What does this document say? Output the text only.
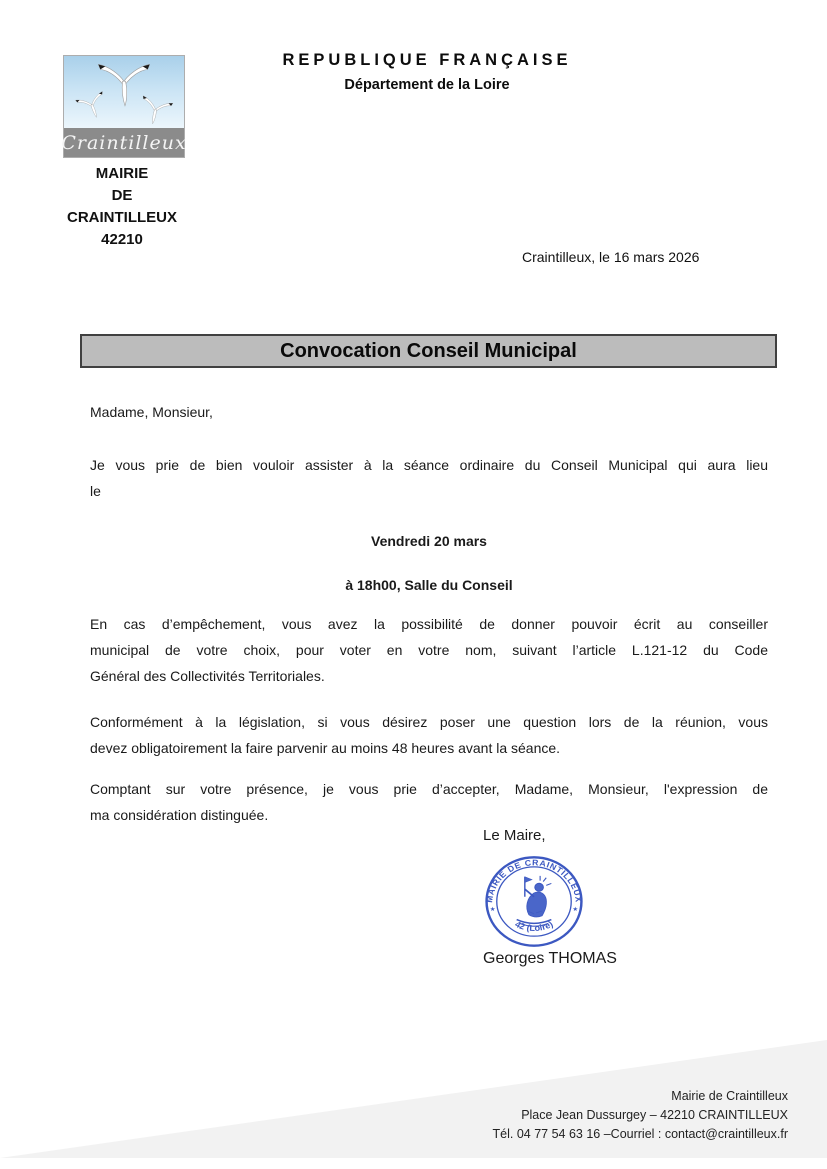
Craintilleux
MAIRIE
DE
CRAINTILLEUX
42210
REPUBLIQUE FRANÇAISE
Département de la Loire
Craintilleux, le 16 mars 2026
Convocation Conseil Municipal
Madame, Monsieur,
Je vous prie de bien vouloir assister à la séance ordinaire du Conseil Municipal qui aura lieu
le
Vendredi 20 mars
à 18h00, Salle du Conseil
En cas d’empêchement, vous avez la possibilité de donner pouvoir écrit au conseiller
municipal de votre choix, pour voter en votre nom, suivant l’article L.121-12 du Code
Général des Collectivités Territoriales.
Conformément à la législation, si vous désirez poser une question lors de la réunion, vous
devez obligatoirement la faire parvenir au moins 48 heures avant la séance.
Comptant sur votre présence, je vous prie d’accepter, Madame, Monsieur, l'expression de
ma considération distinguée.
Le Maire,
MAIRIE DE CRAINTILLEUX
42 (Loire)
★	★
Georges THOMAS
Mairie de Craintilleux
Place Jean Dussurgey – 42210 CRAINTILLEUX
Tél. 04 77 54 63 16 –Courriel : contact@craintilleux.fr
